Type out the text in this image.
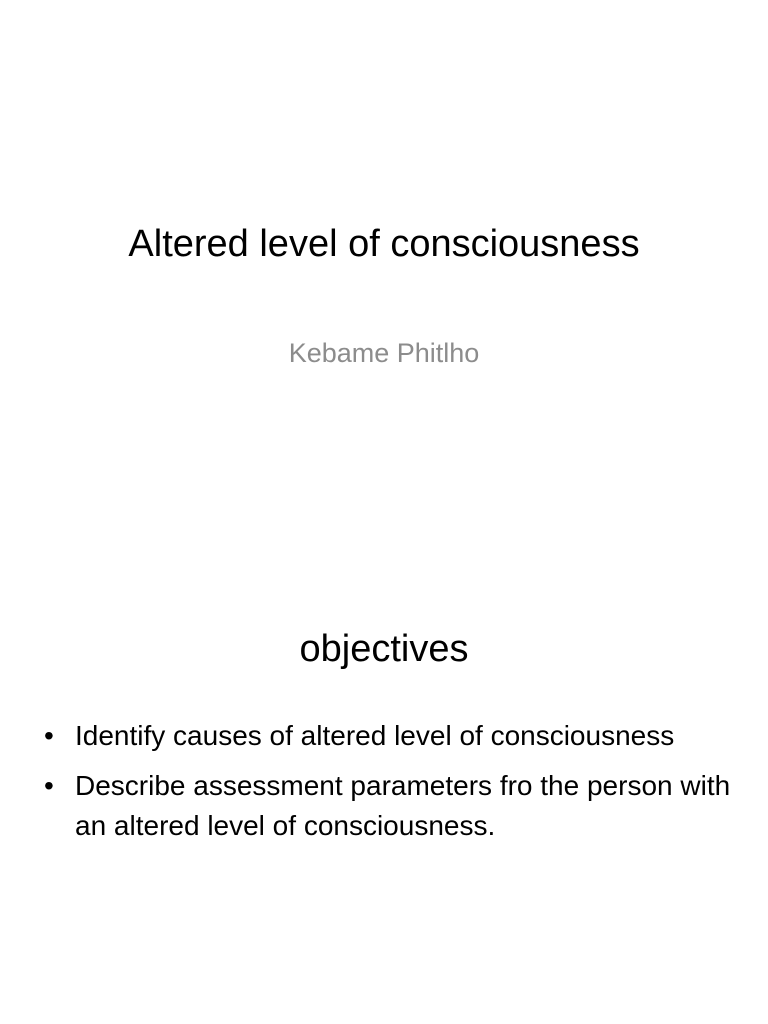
Altered level of consciousness

Kebame Phitlho

objectives
• Identify causes of altered level of consciousness
• Describe assessment parameters fro the person with an altered level of consciousness.
